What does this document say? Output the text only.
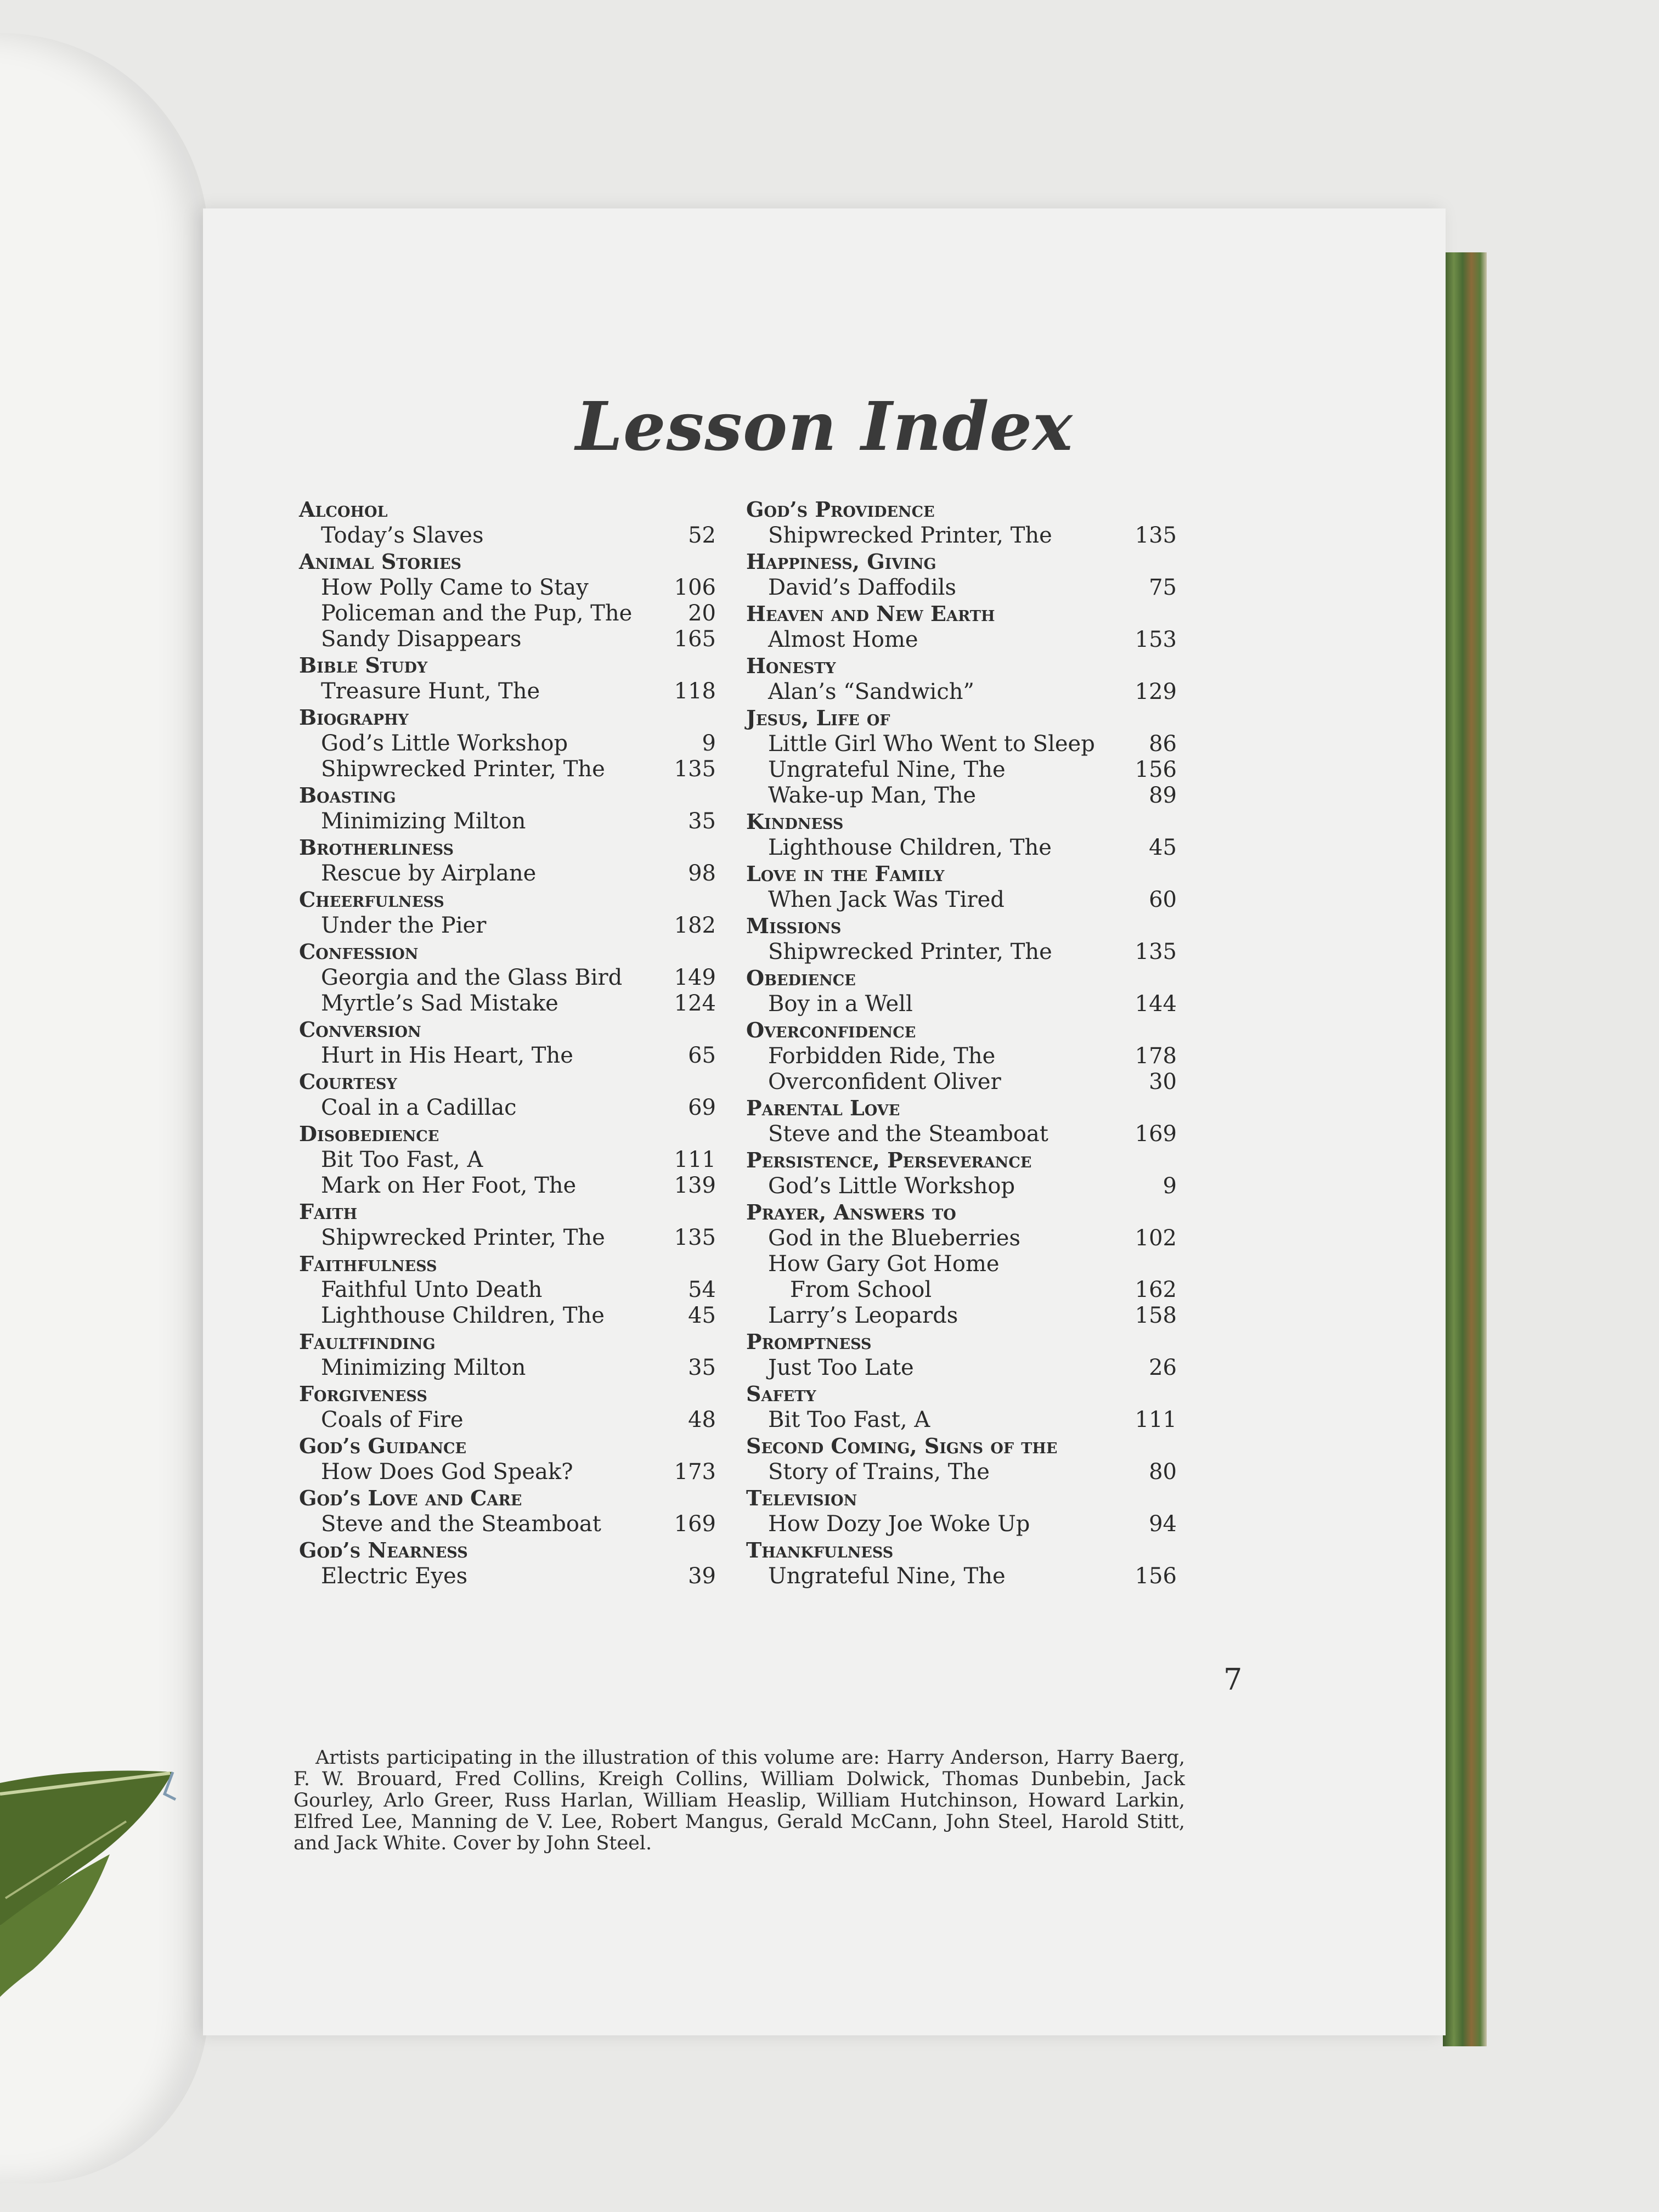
Lesson Index
Alcohol
Today’s Slaves	52
Animal Stories
How Polly Came to Stay	106
Policeman and the Pup, The	20
Sandy Disappears	165
Bible Study
Treasure Hunt, The	118
Biography
God’s Little Workshop	9
Shipwrecked Printer, The	135
Boasting
Minimizing Milton	35
Brotherliness
Rescue by Airplane	98
Cheerfulness
Under the Pier	182
Confession
Georgia and the Glass Bird 149
Myrtle’s Sad Mistake	124
Conversion
Hurt in His Heart, The	65
Courtesy
Coal in a Cadillac	69
Disobedience
Bit Too Fast, A	111
Mark on Her Foot, The	139
Faith
Shipwrecked Printer, The	135
Faithfulness
Faithful Unto Death	54
Lighthouse Children, The	45
Faultfinding
Minimizing Milton	35
Forgiveness
Coals of Fire	48
God’s Guidance
How Does God Speak?	173
God’s Love and Care
Steve and the Steamboat	169
God’s Nearness
Electric Eyes	39
God’s Providence
Shipwrecked Printer, The	135
Happiness, Giving
David’s Daffodils	75
Heaven and New Earth
Almost Home	153
Honesty
Alan’s “Sandwich”	129
Jesus, Life of
Little Girl Who Went to Sleep 86
Ungrateful Nine, The	156
Wake-up Man, The	89
Kindness
Lighthouse Children, The	45
Love in the Family
When Jack Was Tired	60
Missions
Shipwrecked Printer, The	135
Obedience
Boy in a Well	144
Overconfidence
Forbidden Ride, The	178
Overconfident Oliver	30
Parental Love
Steve and the Steamboat	169
Persistence, Perseverance
God’s Little Workshop	9
Prayer, Answers to
God in the Blueberries	102
How Gary Got Home
From School	162
Larry’s Leopards	158
Promptness
Just Too Late	26
Safety
Bit Too Fast, A	111
Second Coming, Signs of the
Story of Trains, The	80
Television
How Dozy Joe Woke Up	94
Thankfulness
Ungrateful Nine, The	156
7
Artists participating in the illustration of this volume are: Harry Anderson, Harry Baerg, F. W. Brouard, Fred Collins, Kreigh Collins, William Dolwick, Thomas Dunbebin, Jack Gourley, Arlo Greer, Russ Harlan, William Heaslip, William Hutchinson, Howard Larkin, Elfred Lee, Manning de V. Lee, Robert Mangus, Gerald McCann, John Steel, Harold Stitt, and Jack White. Cover by John Steel.
